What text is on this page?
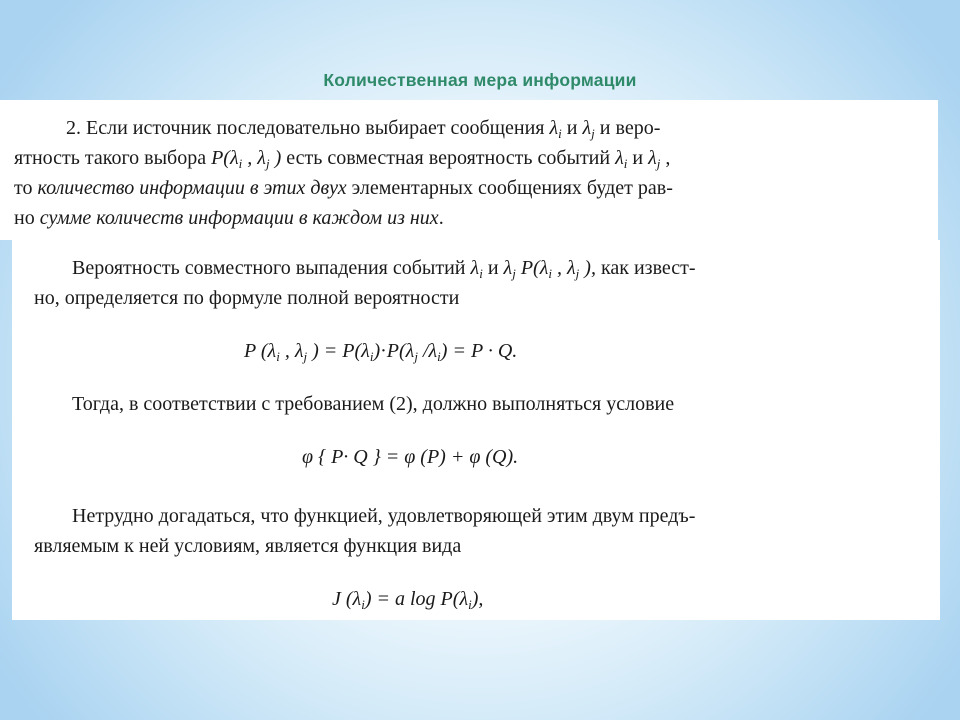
Количественная мера информации
2. Если источник последовательно выбирает сообщения $\lambda_i$ и $\lambda_j$ и веро-
ятность такого выбора $P(\lambda_i$ , $\lambda_j$ ) есть совместная вероятность событий $\lambda_i$ и $\lambda_j$ ,
то количество информации в этих двух элементарных сообщениях будет рав-
но сумме количеств информации в каждом из них.
Вероятность совместного выпадения событий $\lambda_i$ и $\lambda_j$ $P(\lambda_i$ , $\lambda_j$ ), как извест-
но, определяется по формуле полной вероятности
P ($\lambda_i$ , $\lambda_j$ ) = $P(\lambda_i)\cdot P(\lambda_j$ $/\lambda_i) = P \cdot Q$.
Тогда, в соответствии с требованием (2), должно выполняться условие
φ { P· Q } = φ (P) + φ (Q).
Нетрудно догадаться, что функцией, удовлетворяющей этим двум предъ-
являемым к ней условиям, является функция вида
J $(\lambda_i) = a$ $\log P(\lambda_i)$,
